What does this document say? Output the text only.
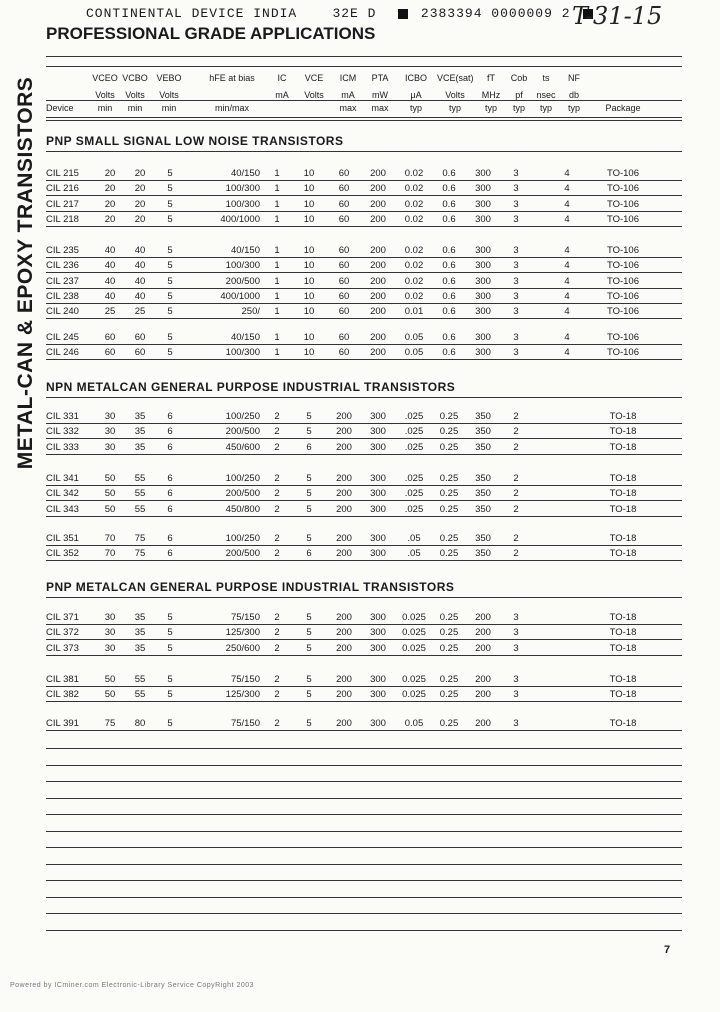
CONTINENTAL DEVICE INDIA	32E D	2383394 0000009 2 T-31-15
METAL-CAN & EPOXY TRANSISTORS
PROFESSIONAL GRADE APPLICATIONS
VCEO VCBO VEBO	hFE at bias	IC	VCE	ICM	PTA	ICBO	VCE(sat)	fT	Cob	ts	NF
Volts	Volts	Volts	mA	Volts	mA	mW	μA	Volts	MHz	pf	nsec	db
Device	min	min	min	min/max	max	max	typ	typ	typ	typ	typ	typ	Package
PNP SMALL SIGNAL LOW NOISE TRANSISTORS
CIL 215	20	20	5	40/150	1	10	60	200	0.02	0.6	300	3	4	TO-106
CIL 216	20	20	5	100/300	1	10	60	200	0.02	0.6	300	3	4	TO-106
CIL 217	20	20	5	100/300	1	10	60	200	0.02	0.6	300	3	4	TO-106
CIL 218	20	20	5	400/1000	1	10	60	200	0.02	0.6	300	3	4	TO-106
CIL 235	40	40	5	40/150	1	10	60	200	0.02	0.6	300	3	4	TO-106
CIL 236	40	40	5	100/300	1	10	60	200	0.02	0.6	300	3	4	TO-106
CIL 237	40	40	5	200/500	1	10	60	200	0.02	0.6	300	3	4	TO-106
CIL 238	40	40	5	400/1000	1	10	60	200	0.02	0.6	300	3	4	TO-106
CIL 240	25	25	5	250/	1	10	60	200	0.01	0.6	300	3	4	TO-106
CIL 245	60	60	5	40/150	1	10	60	200	0.05	0.6	300	3	4	TO-106
CIL 246	60	60	5	100/300	1	10	60	200	0.05	0.6	300	3	4	TO-106
NPN METALCAN GENERAL PURPOSE INDUSTRIAL TRANSISTORS
CIL 331	30	35	6	100/250	2	5	200	300	.025	0.25	350	2	TO-18
CIL 332	30	35	6	200/500	2	5	200	300	.025	0.25	350	2	TO-18
CIL 333	30	35	6	450/600	2	6	200	300	.025	0.25	350	2	TO-18
CIL 341	50	55	6	100/250	2	5	200	300	.025	0.25	350	2	TO-18
CIL 342	50	55	6	200/500	2	5	200	300	.025	0.25	350	2	TO-18
CIL 343	50	55	6	450/800	2	5	200	300	.025	0.25	350	2	TO-18
CIL 351	70	75	6	100/250	2	5	200	300	.05	0.25	350	2	TO-18
CIL 352	70	75	6	200/500	2	6	200	300	.05	0.25	350	2	TO-18
PNP METALCAN GENERAL PURPOSE INDUSTRIAL TRANSISTORS
CIL 371	30	35	5	75/150	2	5	200	300	0.025	0.25	200	3	TO-18
CIL 372	30	35	5	125/300	2	5	200	300	0.025	0.25	200	3	TO-18
CIL 373	30	35	5	250/600	2	5	200	300	0.025	0.25	200	3	TO-18
CIL 381	50	55	5	75/150	2	5	200	300	0.025	0.25	200	3	TO-18
CIL 382	50	55	5	125/300	2	5	200	300	0.025	0.25	200	3	TO-18
CIL 391	75	80	5	75/150	2	5	200	300	0.05	0.25	200	3	TO-18
7
Powered by ICminer.com Electronic-Library Service CopyRight 2003
